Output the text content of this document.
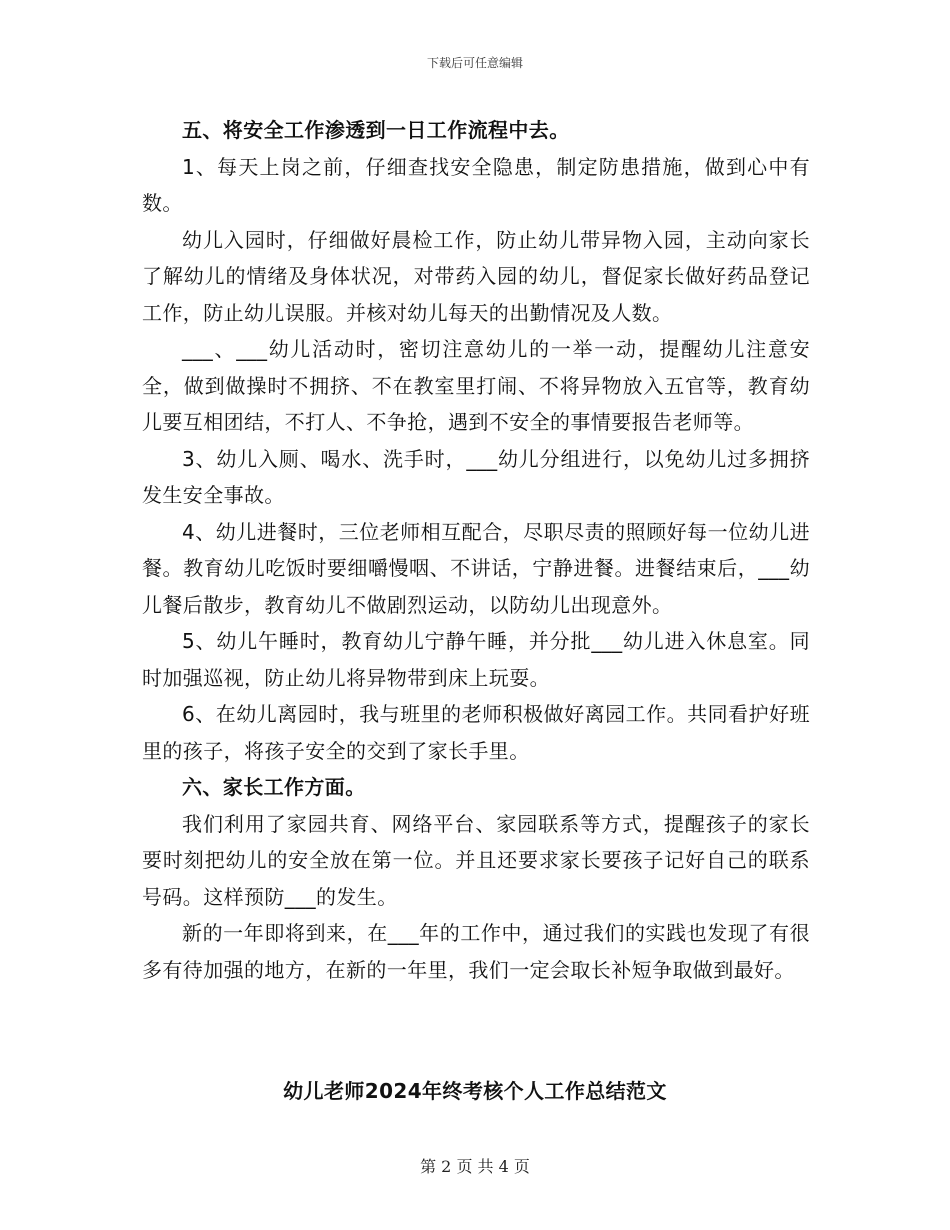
下载后可任意编辑

五、将安全工作渗透到一日工作流程中去。

1、每天上岗之前，仔细查找安全隐患，制定防患措施，做到心中有数。

幼儿入园时，仔细做好晨检工作，防止幼儿带异物入园，主动向家长了解幼儿的情绪及身体状况，对带药入园的幼儿，督促家长做好药品登记工作，防止幼儿误服。并核对幼儿每天的出勤情况及人数。

___、___幼儿活动时，密切注意幼儿的一举一动，提醒幼儿注意安全，做到做操时不拥挤、不在教室里打闹、不将异物放入五官等，教育幼儿要互相团结，不打人、不争抢，遇到不安全的事情要报告老师等。

3、幼儿入厕、喝水、洗手时，___幼儿分组进行，以免幼儿过多拥挤发生安全事故。

4、幼儿进餐时，三位老师相互配合，尽职尽责的照顾好每一位幼儿进餐。教育幼儿吃饭时要细嚼慢咽、不讲话，宁静进餐。进餐结束后，___幼儿餐后散步，教育幼儿不做剧烈运动，以防幼儿出现意外。

5、幼儿午睡时，教育幼儿宁静午睡，并分批___幼儿进入休息室。同时加强巡视，防止幼儿将异物带到床上玩耍。

6、在幼儿离园时，我与班里的老师积极做好离园工作。共同看护好班里的孩子，将孩子安全的交到了家长手里。

六、家长工作方面。

我们利用了家园共育、网络平台、家园联系等方式，提醒孩子的家长要时刻把幼儿的安全放在第一位。并且还要求家长要孩子记好自己的联系号码。这样预防___的发生。

新的一年即将到来，在___年的工作中，通过我们的实践也发现了有很多有待加强的地方，在新的一年里，我们一定会取长补短争取做到最好。

幼儿老师2024年终考核个人工作总结范文
第 2 页 共 4 页
